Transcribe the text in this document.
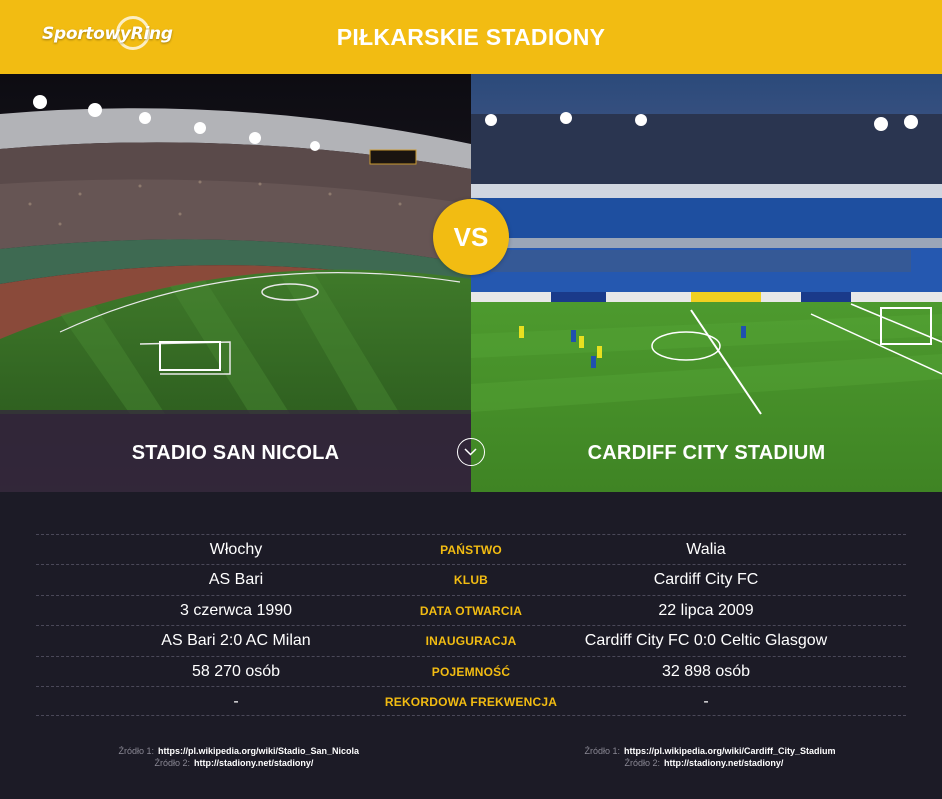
SportowyRing	PIŁKARSKIE STADIONY
VS
STADIO SAN NICOLA	CARDIFF CITY STADIUM
Włochy	PAŃSTWO	Walia
AS Bari	KLUB	Cardiff City FC
3 czerwca 1990	DATA OTWARCIA	22 lipca 2009
AS Bari 2:0 AC Milan	INAUGURACJA	Cardiff City FC 0:0 Celtic Glasgow
58 270 osób	POJEMNOŚĆ	32 898 osób
-	REKORDOWA FREKWENCJA	-
Źródło 1: https://pl.wikipedia.org/wiki/Stadio_San_Nicola
Źródło 2: http://stadiony.net/stadiony/
Źródło 1: https://pl.wikipedia.org/wiki/Cardiff_City_Stadium
Źródło 2: http://stadiony.net/stadiony/
